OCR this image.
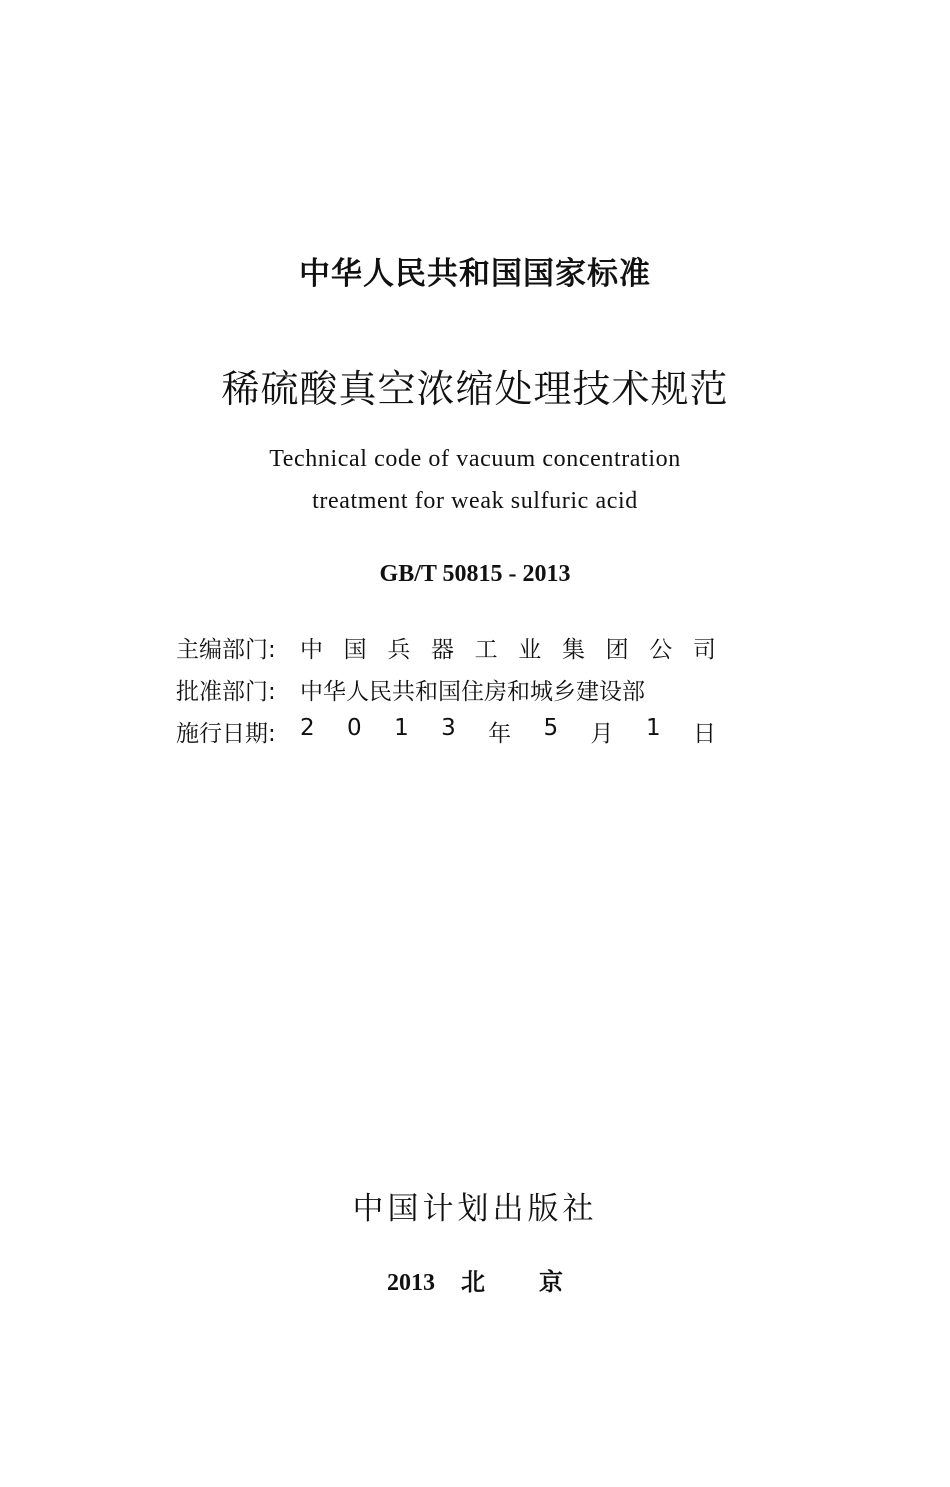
中华人民共和国国家标准
稀硫酸真空浓缩处理技术规范
Technical code of vacuum concentration
treatment for weak sulfuric acid
GB/T 50815 - 2013
主编部门:	中 国 兵 器 工 业 集 团 公 司
批准部门:	中华人民共和国住房和城乡建设部
施行日期:	2 0 1 3 年 5 月 1 日
中国计划出版社
2013 北 京
